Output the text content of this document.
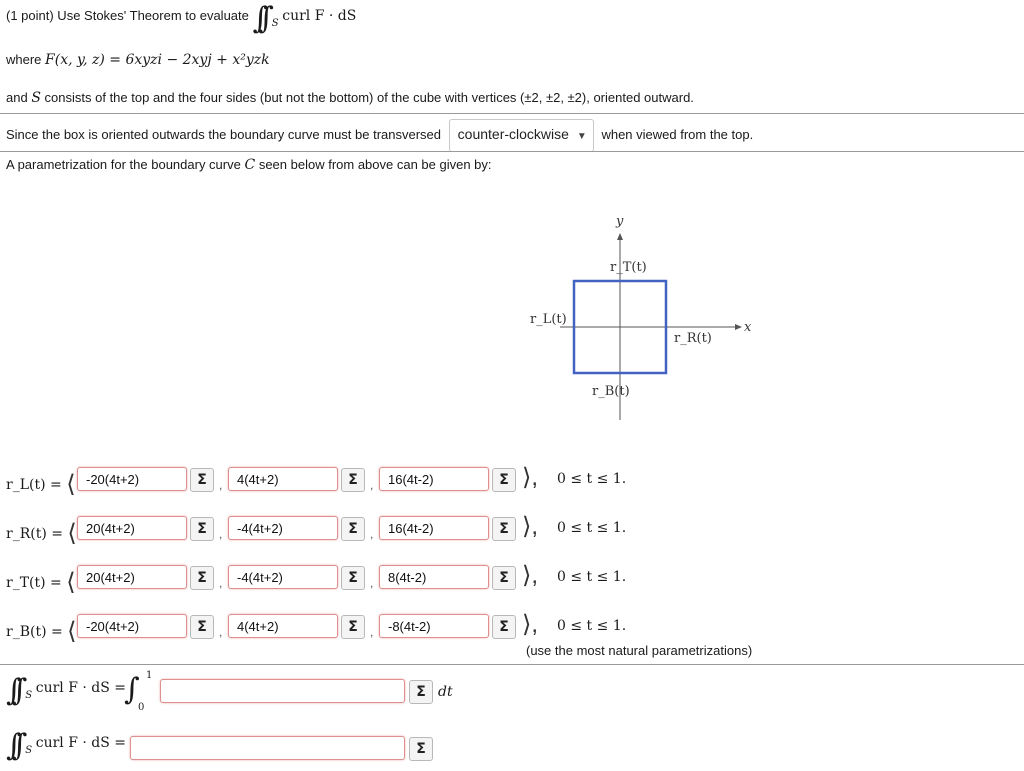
(1 point) Use Stokes' Theorem to evaluate ∫∫ $_S$ curl F · dS
where F(x, y, z) = 6xyzi − 2xyj + x²yzk
and S consists of the top and the four sides (but not the bottom) of the cube with vertices (±2, ±2, ±2), oriented outward.
Since the box is oriented outwards the boundary curve must be transversed counter-clockwise ▼ when viewed from the top.
A parametrization for the boundary curve C seen below from above can be given by:
y
x
r_T(t)
r_L(t)
r_R(t)
r_B(t)
r_L(t) = ⟨ -20(4t+2)	Σ	,	4(4t+2)	Σ	,	16(4t-2)	Σ ⟩, 0 ≤ t ≤ 1.
r_R(t) = ⟨ 20(4t+2)	Σ	,	-4(4t+2)	Σ	,	16(4t-2)	Σ ⟩, 0 ≤ t ≤ 1.
r_T(t) = ⟨ 20(4t+2)	Σ	,	-4(4t+2)	Σ	,	8(4t-2)	Σ ⟩, 0 ≤ t ≤ 1.
r_B(t) = ⟨ -20(4t+2)	Σ	,	4(4t+2)	Σ	,	-8(4t-2)	Σ ⟩, 0 ≤ t ≤ 1.
(use the most natural parametrizations)
∫∫ $_S$ curl F · dS =
∫ 1
0
Σ dt
∫∫ $_S$ curl F · dS =	Σ
